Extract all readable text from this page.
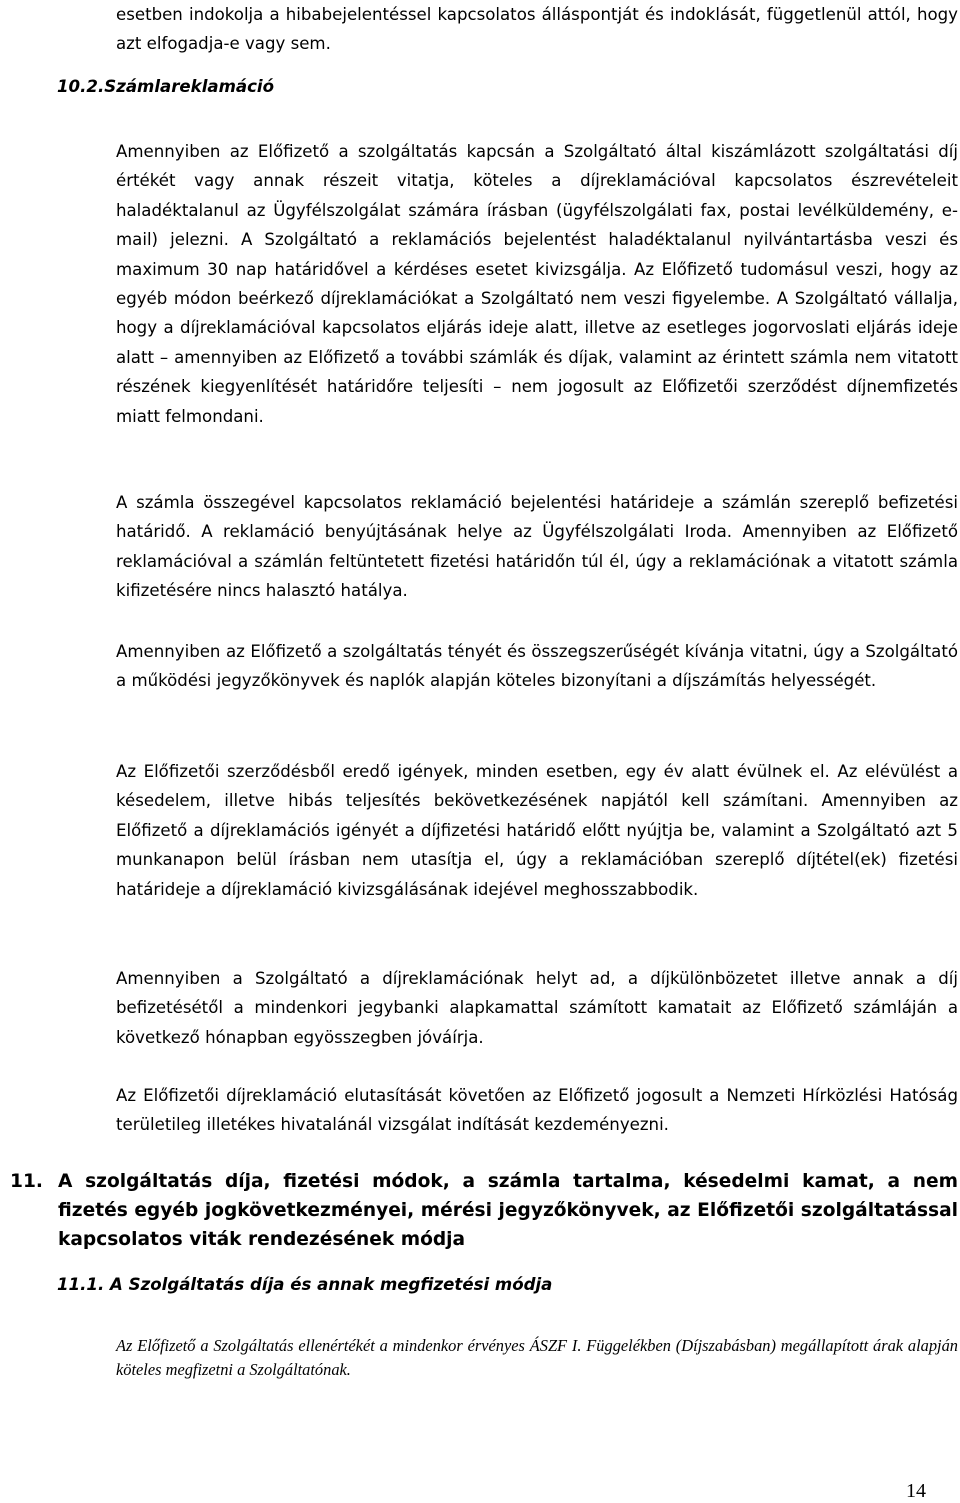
esetben indokolja a hibabejelentéssel kapcsolatos álláspontját és indoklását, függetlenül attól, hogy azt elfogadja-e vagy sem.

10.2.Számlareklamáció

Amennyiben az Előfizető a szolgáltatás kapcsán a Szolgáltató által kiszámlázott szolgáltatási díj értékét vagy annak részeit vitatja, köteles a díjreklamációval kapcsolatos észrevételeit haladéktalanul az Ügyfélszolgálat számára írásban (ügyfélszolgálati fax, postai levélküldemény, e-mail) jelezni. A Szolgáltató a reklamációs bejelentést haladéktalanul nyilvántartásba veszi és maximum 30 nap határidővel a kérdéses esetet kivizsgálja. Az Előfizető tudomásul veszi, hogy az egyéb módon beérkező díjreklamációkat a Szolgáltató nem veszi figyelembe. A Szolgáltató vállalja, hogy a díjreklamációval kapcsolatos eljárás ideje alatt, illetve az esetleges jogorvoslati eljárás ideje alatt – amennyiben az Előfizető a további számlák és díjak, valamint az érintett számla nem vitatott részének kiegyenlítését határidőre teljesíti – nem jogosult az Előfizetői szerződést díjnemfizetés miatt felmondani.

A számla összegével kapcsolatos reklamáció bejelentési határideje a számlán szereplő befizetési határidő. A reklamáció benyújtásának helye az Ügyfélszolgálati Iroda. Amennyiben az Előfizető reklamációval a számlán feltüntetett fizetési határidőn túl él, úgy a reklamációnak a vitatott számla kifizetésére nincs halasztó hatálya.

Amennyiben az Előfizető a szolgáltatás tényét és összegszerűségét kívánja vitatni, úgy a Szolgáltató a működési jegyzőkönyvek és naplók alapján köteles bizonyítani a díjszámítás helyességét.

Az Előfizetői szerződésből eredő igények, minden esetben, egy év alatt évülnek el. Az elévülést a késedelem, illetve hibás teljesítés bekövetkezésének napjától kell számítani. Amennyiben az Előfizető a díjreklamációs igényét a díjfizetési határidő előtt nyújtja be, valamint a Szolgáltató azt 5 munkanapon belül írásban nem utasítja el, úgy a reklamációban szereplő díjtétel(ek) fizetési határideje a díjreklamáció kivizsgálásának idejével meghosszabbodik.

Amennyiben a Szolgáltató a díjreklamációnak helyt ad, a díjkülönbözetet illetve annak a díj befizetésétől a mindenkori jegybanki alapkamattal számított kamatait az Előfizető számláján a következő hónapban egyösszegben jóváírja.

Az Előfizetői díjreklamáció elutasítását követően az Előfizető jogosult a Nemzeti Hírközlési Hatóság területileg illetékes hivatalánál vizsgálat indítását kezdeményezni.

11. A szolgáltatás díja, fizetési módok, a számla tartalma, késedelmi kamat, a nem fizetés egyéb jogkövetkezményei, mérési jegyzőkönyvek, az Előfizetői szolgáltatással kapcsolatos viták rendezésének módja

11.1. A Szolgáltatás díja és annak megfizetési módja

Az Előfizető a Szolgáltatás ellenértékét a mindenkor érvényes ÁSZF I. Függelékben (Díjszabásban) megállapított árak alapján köteles megfizetni a Szolgáltatónak.

14
